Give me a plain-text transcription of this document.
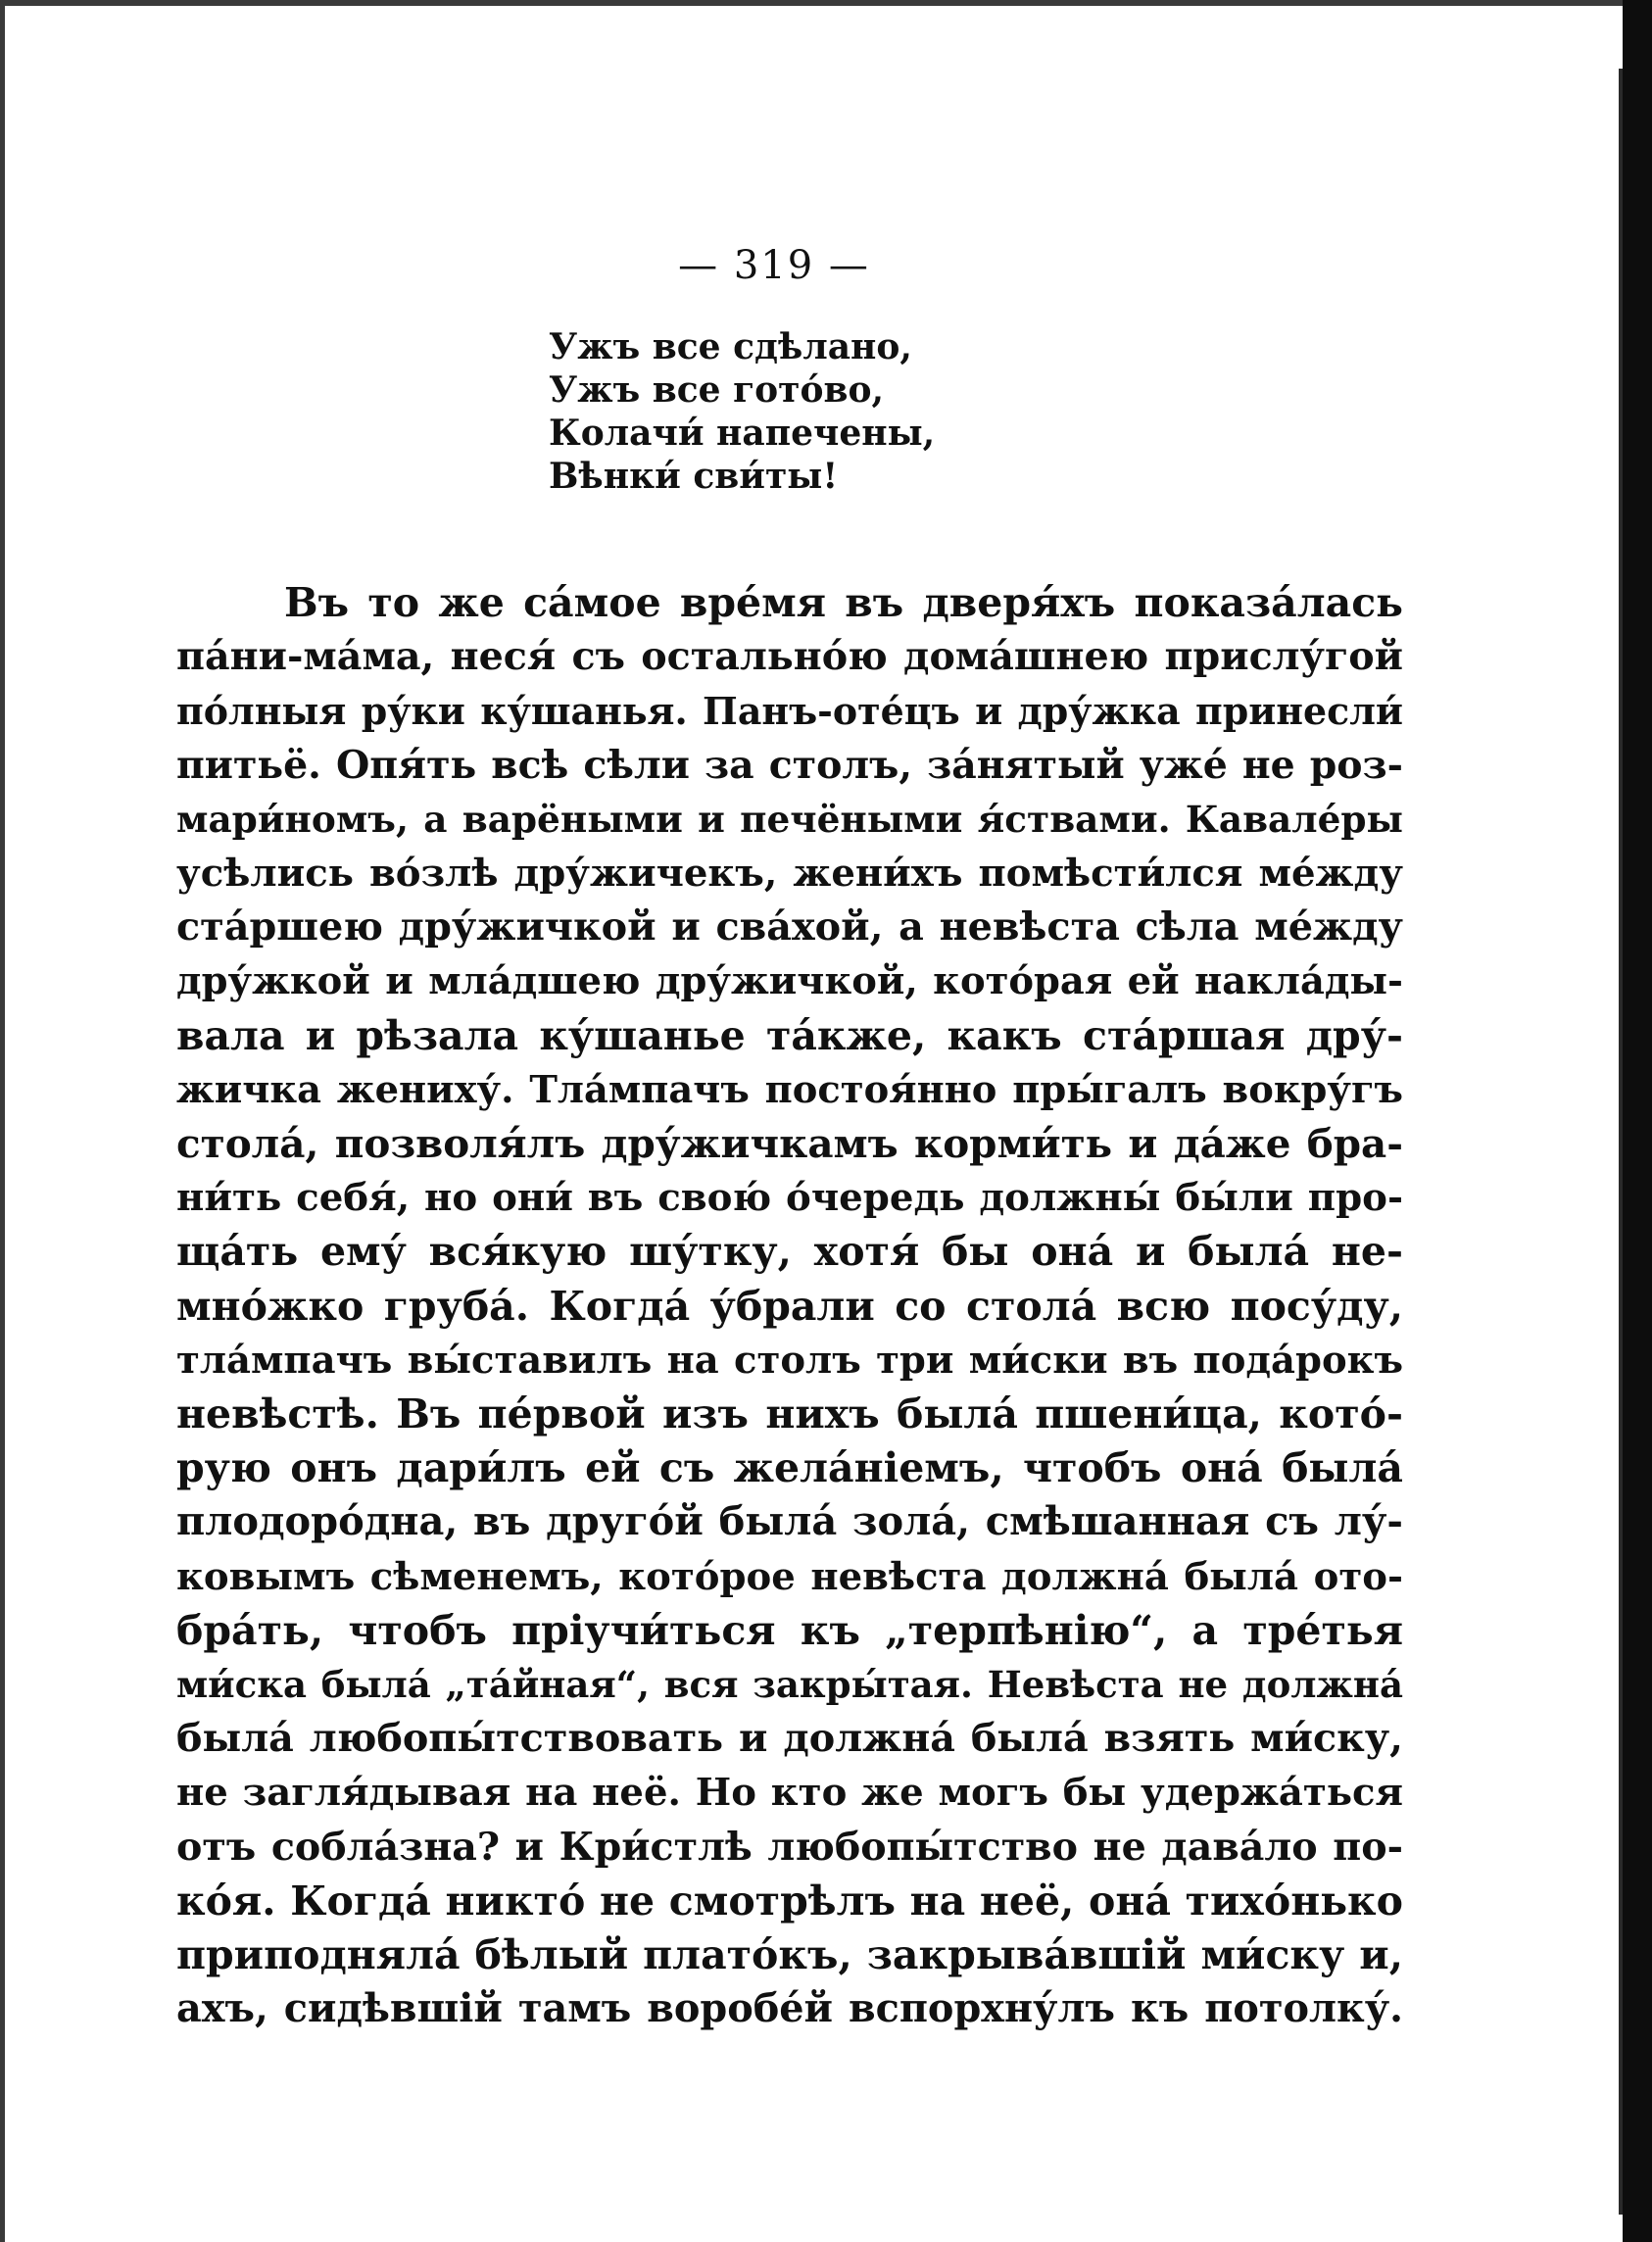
— 319 —
Ужъ все сдѣлано,
Ужъ все гото́во,
Колачи́ напечены,
Вѣнки́ сви́ты!
Въ то же са́мое вре́мя въ дверя́хъ показа́лась
па́ни-ма́ма, неся́ съ остально́ю дома́шнею прислу́гой
по́лныя ру́ки ку́шанья. Панъ-оте́цъ и дру́жка принесли́
питьё. Опя́ть всѣ сѣли за столъ, за́нятый ужé не роз-
мари́номъ, а варёными и печёными я́ствами. Кавалéры
усѣлись во́злѣ дру́жичекъ, жени́хъ помѣсти́лся мéжду
ста́ршею дру́жичкой и сва́хой, а невѣста сѣла мéжду
дру́жкой и мла́дшею дру́жичкой, кото́рая ей накла́ды-
вала и рѣзала ку́шанье та́кже, какъ ста́ршая дру́-
жичка жениху́. Тла́мпачъ постоя́нно пры́галъ вокру́гъ
стола́, позволя́лъ дру́жичкамъ корми́ть и да́же бра-
ни́ть себя́, но они́ въ свою́ о́чередь должны́ бы́ли про-
ща́ть ему́ вся́кую шу́тку, хотя́ бы она́ и была́ не-
мно́жко груба́. Когда́ у́брали со стола́ всю посу́ду,
тла́мпачъ вы́ставилъ на столъ три ми́ски въ пода́рокъ
невѣстѣ. Въ пе́рвой изъ нихъ была́ пшени́ца, кото́-
рую онъ дари́лъ ей съ жела́ніемъ, чтобъ она́ была́
плодоро́дна, въ друго́й была́ зола́, смѣшанная съ лу́-
ковымъ сѣменемъ, кото́рое невѣста должна́ была́ ото-
бра́ть, чтобъ пріучи́ться къ „терпѣнію“, а трéтья
ми́ска была́ „та́йная“, вся закры́тая. Невѣста не должна́
была́ любопы́тствовать и должна́ была́ взять ми́ску,
не загля́дывая на неё. Но кто же могъ бы удержа́ться
отъ собла́зна? и Кри́стлѣ любопы́тство не дава́ло по-
ко́я. Когда́ никто́ не смотрѣлъ на неё, она́ тихо́нько
приподняла́ бѣлый плато́къ, закрыва́вшій ми́ску и,
ахъ, сидѣвшій тамъ воробе́й вспорхну́лъ къ потолку́.
